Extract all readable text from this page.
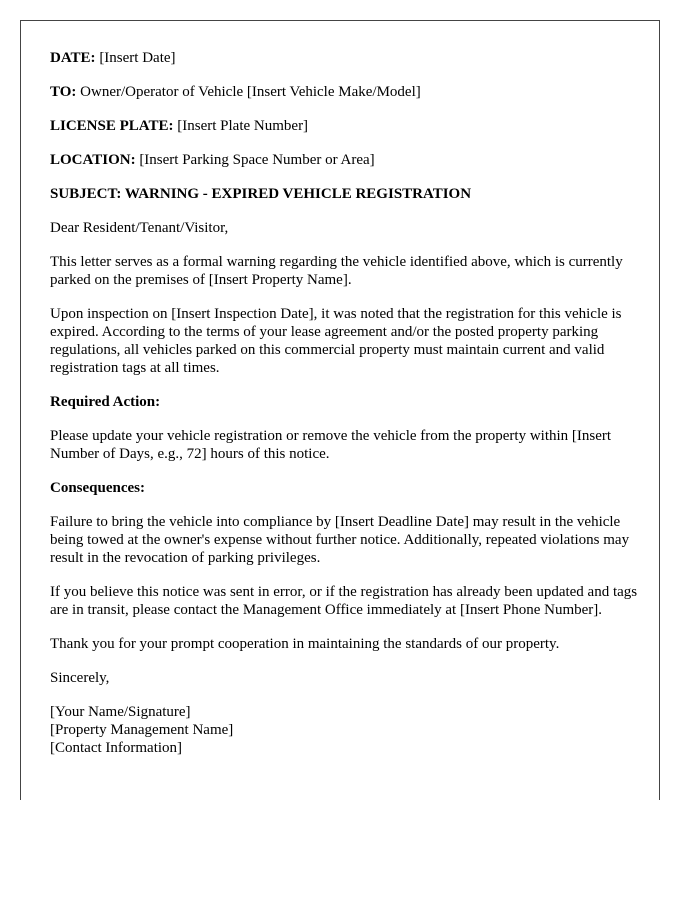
DATE: [Insert Date]

TO: Owner/Operator of Vehicle [Insert Vehicle Make/Model]

LICENSE PLATE: [Insert Plate Number]

LOCATION: [Insert Parking Space Number or Area]

SUBJECT: WARNING - EXPIRED VEHICLE REGISTRATION

Dear Resident/Tenant/Visitor,

This letter serves as a formal warning regarding the vehicle identified above, which is currently parked on the premises of [Insert Property Name].

Upon inspection on [Insert Inspection Date], it was noted that the registration for this vehicle is expired. According to the terms of your lease agreement and/or the posted property parking regulations, all vehicles parked on this commercial property must maintain current and valid registration tags at all times.

Required Action:

Please update your vehicle registration or remove the vehicle from the property within [Insert Number of Days, e.g., 72] hours of this notice.

Consequences:

Failure to bring the vehicle into compliance by [Insert Deadline Date] may result in the vehicle being towed at the owner's expense without further notice. Additionally, repeated violations may result in the revocation of parking privileges.

If you believe this notice was sent in error, or if the registration has already been updated and tags are in transit, please contact the Management Office immediately at [Insert Phone Number].

Thank you for your prompt cooperation in maintaining the standards of our property.

Sincerely,

[Your Name/Signature]
[Property Management Name]
[Contact Information]
